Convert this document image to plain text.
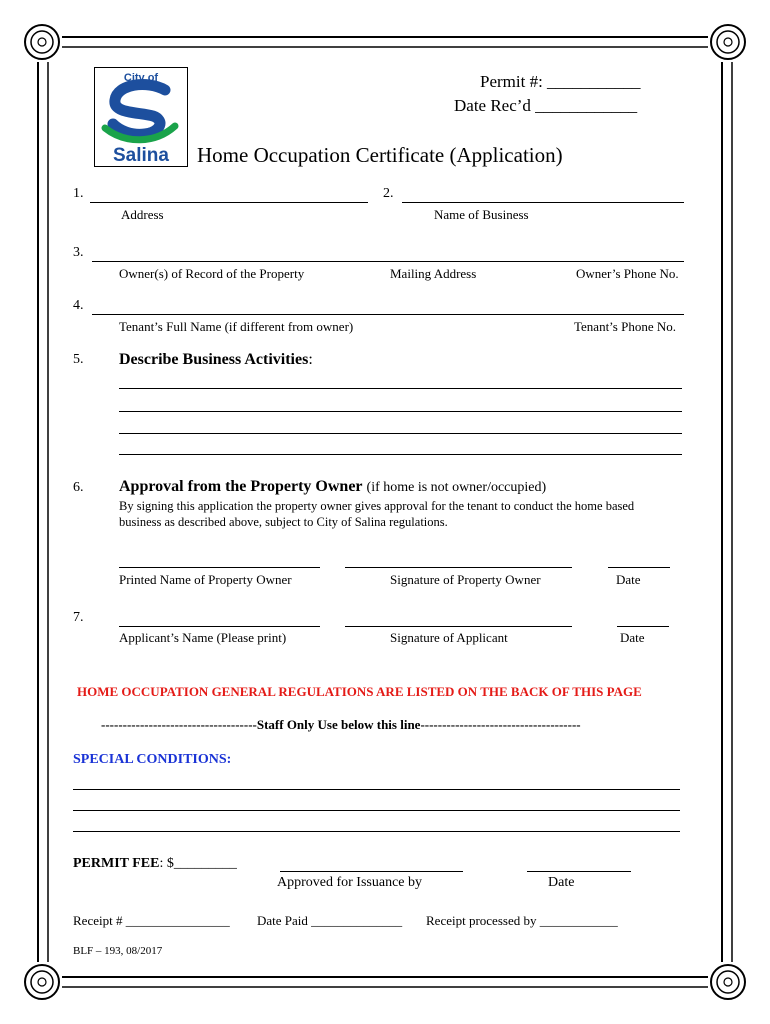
City of
Salina
Permit #: ___________
Date Rec’d ____________
Home Occupation Certificate (Application)
1.
Address
2.
Name of Business
3.
Owner(s) of Record of the Property	Mailing Address	Owner’s Phone No.
4.
Tenant’s Full Name (if different from owner)	Tenant’s Phone No.
5. Describe Business Activities:
6. Approval from the Property Owner (if home is not owner/occupied)
By signing this application the property owner gives approval for the tenant to conduct the home based
business as described above, subject to City of Salina regulations.
Printed Name of Property Owner	Signature of Property Owner	Date
7.
Applicant’s Name (Please print)	Signature of Applicant	Date
HOME OCCUPATION GENERAL REGULATIONS ARE LISTED ON THE BACK OF THIS PAGE
------------------------------------Staff Only Use below this line-------------------------------------
SPECIAL CONDITIONS:
PERMIT FEE: $_________
Approved for Issuance by	Date
Receipt # ________________ Date Paid ______________ Receipt processed by ____________
BLF – 193, 08/2017
